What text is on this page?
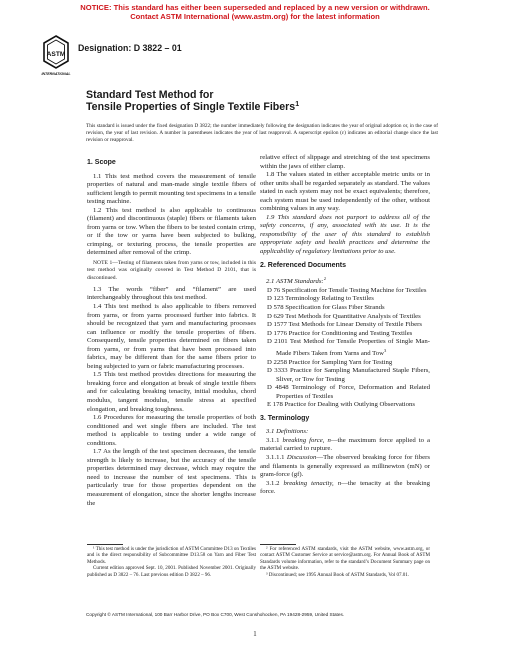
NOTICE: This standard has either been superseded and replaced by a new version or withdrawn.
Contact ASTM International (www.astm.org) for the latest information
ASTM
INTERNATIONAL
Designation: D 3822 – 01
Standard Test Method for
Tensile Properties of Single Textile Fibers$^1$
This standard is issued under the fixed designation D 3822; the number immediately following the designation indicates the year of original adoption or, in the case of revision, the year of last revision. A number in parentheses indicates the year of last reapproval. A superscript epsilon (ε) indicates an editorial change since the last revision or reapproval.
1. Scope

1.1 This test method covers the measurement of tensile properties of natural and man-made single textile fibers of sufficient length to permit mounting test specimens in a tensile testing machine.

1.2 This test method is also applicable to continuous (filament) and discontinuous (staple) fibers or filaments taken from yarns or tow. When the fibers to be tested contain crimp, or if the tow or yarns have been subjected to bulking, crimping, or texturing process, the tensile properties are determined after removal of the crimp.

NOTE 1—Testing of filaments taken from yarns or tow, included in this test method was originally covered in Test Method D 2101, that is discontinued.

1.3 The words “fiber” and “filament” are used interchangeably throughout this test method.

1.4 This test method is also applicable to fibers removed from yarns, or from yarns processed further into fabrics. It should be recognized that yarn and manufacturing processes can influence or modify the tensile properties of fibers. Consequently, tensile properties determined on fibers taken from yarns, or from yarns that have been processed into fabrics, may be different than for the same fibers prior to being subjected to yarn or fabric manufacturing processes.

1.5 This test method provides directions for measuring the breaking force and elongation at break of single textile fibers and for calculating breaking tenacity, initial modulus, chord modulus, tangent modulus, tensile stress at specified elongation, and breaking toughness.

1.6 Procedures for measuring the tensile properties of both conditioned and wet single fibers are included. The test method is applicable to testing under a wide range of conditions.

1.7 As the length of the test specimen decreases, the tensile strength is likely to increase, but the accuracy of the tensile properties determined may decrease, which may require the need to increase the number of test specimens. This is particularly true for those properties dependent on the measurement of elongation, since the shorter lengths increase the

relative effect of slippage and stretching of the test specimens within the jaws of either clamp.

1.8 The values stated in either acceptable metric units or in other units shall be regarded separately as standard. The values stated in each system may not be exact equivalents; therefore, each system must be used independently of the other, without combining values in any way.

1.9 This standard does not purport to address all of the safety concerns, if any, associated with its use. It is the responsibility of the user of this standard to establish appropriate safety and health practices and determine the applicability of regulatory limitations prior to use.

2. Referenced Documents

2.1 ASTM Standards:$^2$

D 76 Specification for Tensile Testing Machine for Textiles

D 123 Terminology Relating to Textiles

D 578 Specification for Glass Fiber Strands

D 629 Test Methods for Quantitative Analysis of Textiles

D 1577 Test Methods for Linear Density of Textile Fibers

D 1776 Practice for Conditioning and Testing Textiles

D 2101 Test Method for Tensile Properties of Single Man-Made Fibers Taken from Yarns and Tow$^3$

D 2258 Practice for Sampling Yarn for Testing

D 3333 Practice for Sampling Manufactured Staple Fibers, Sliver, or Tow for Testing

D 4848 Terminology of Force, Deformation and Related Properties of Textiles

E 178 Practice for Dealing with Outlying Observations

3. Terminology

3.1 Definitions:

3.1.1 breaking force, n—the maximum force applied to a material carried to rupture.

3.1.1.1 Discussion—The observed breaking force for fibers and filaments is generally expressed as millinewton (mN) or gram-force (gf).

3.1.2 breaking tenacity, n—the tenacity at the breaking force.

¹ This test method is under the jurisdiction of ASTM Committee D13 on Textiles and is the direct responsibility of Subcommittee D13.58 on Yarn and Fiber Test Methods.

Current edition approved Sept. 10, 2001. Published November 2001. Originally published as D 3822 – 76. Last previous edition D 3822 – 96.

² For referenced ASTM standards, visit the ASTM website, www.astm.org, or contact ASTM Customer Service at service@astm.org. For Annual Book of ASTM Standards volume information, refer to the standard’s Document Summary page on the ASTM website.

³ Discontinued; see 1995 Annual Book of ASTM Standards, Vol 07.01.

Copyright © ASTM International, 100 Barr Harbor Drive, PO Box C700, West Conshohocken, PA 19428-2959, United States.
1
